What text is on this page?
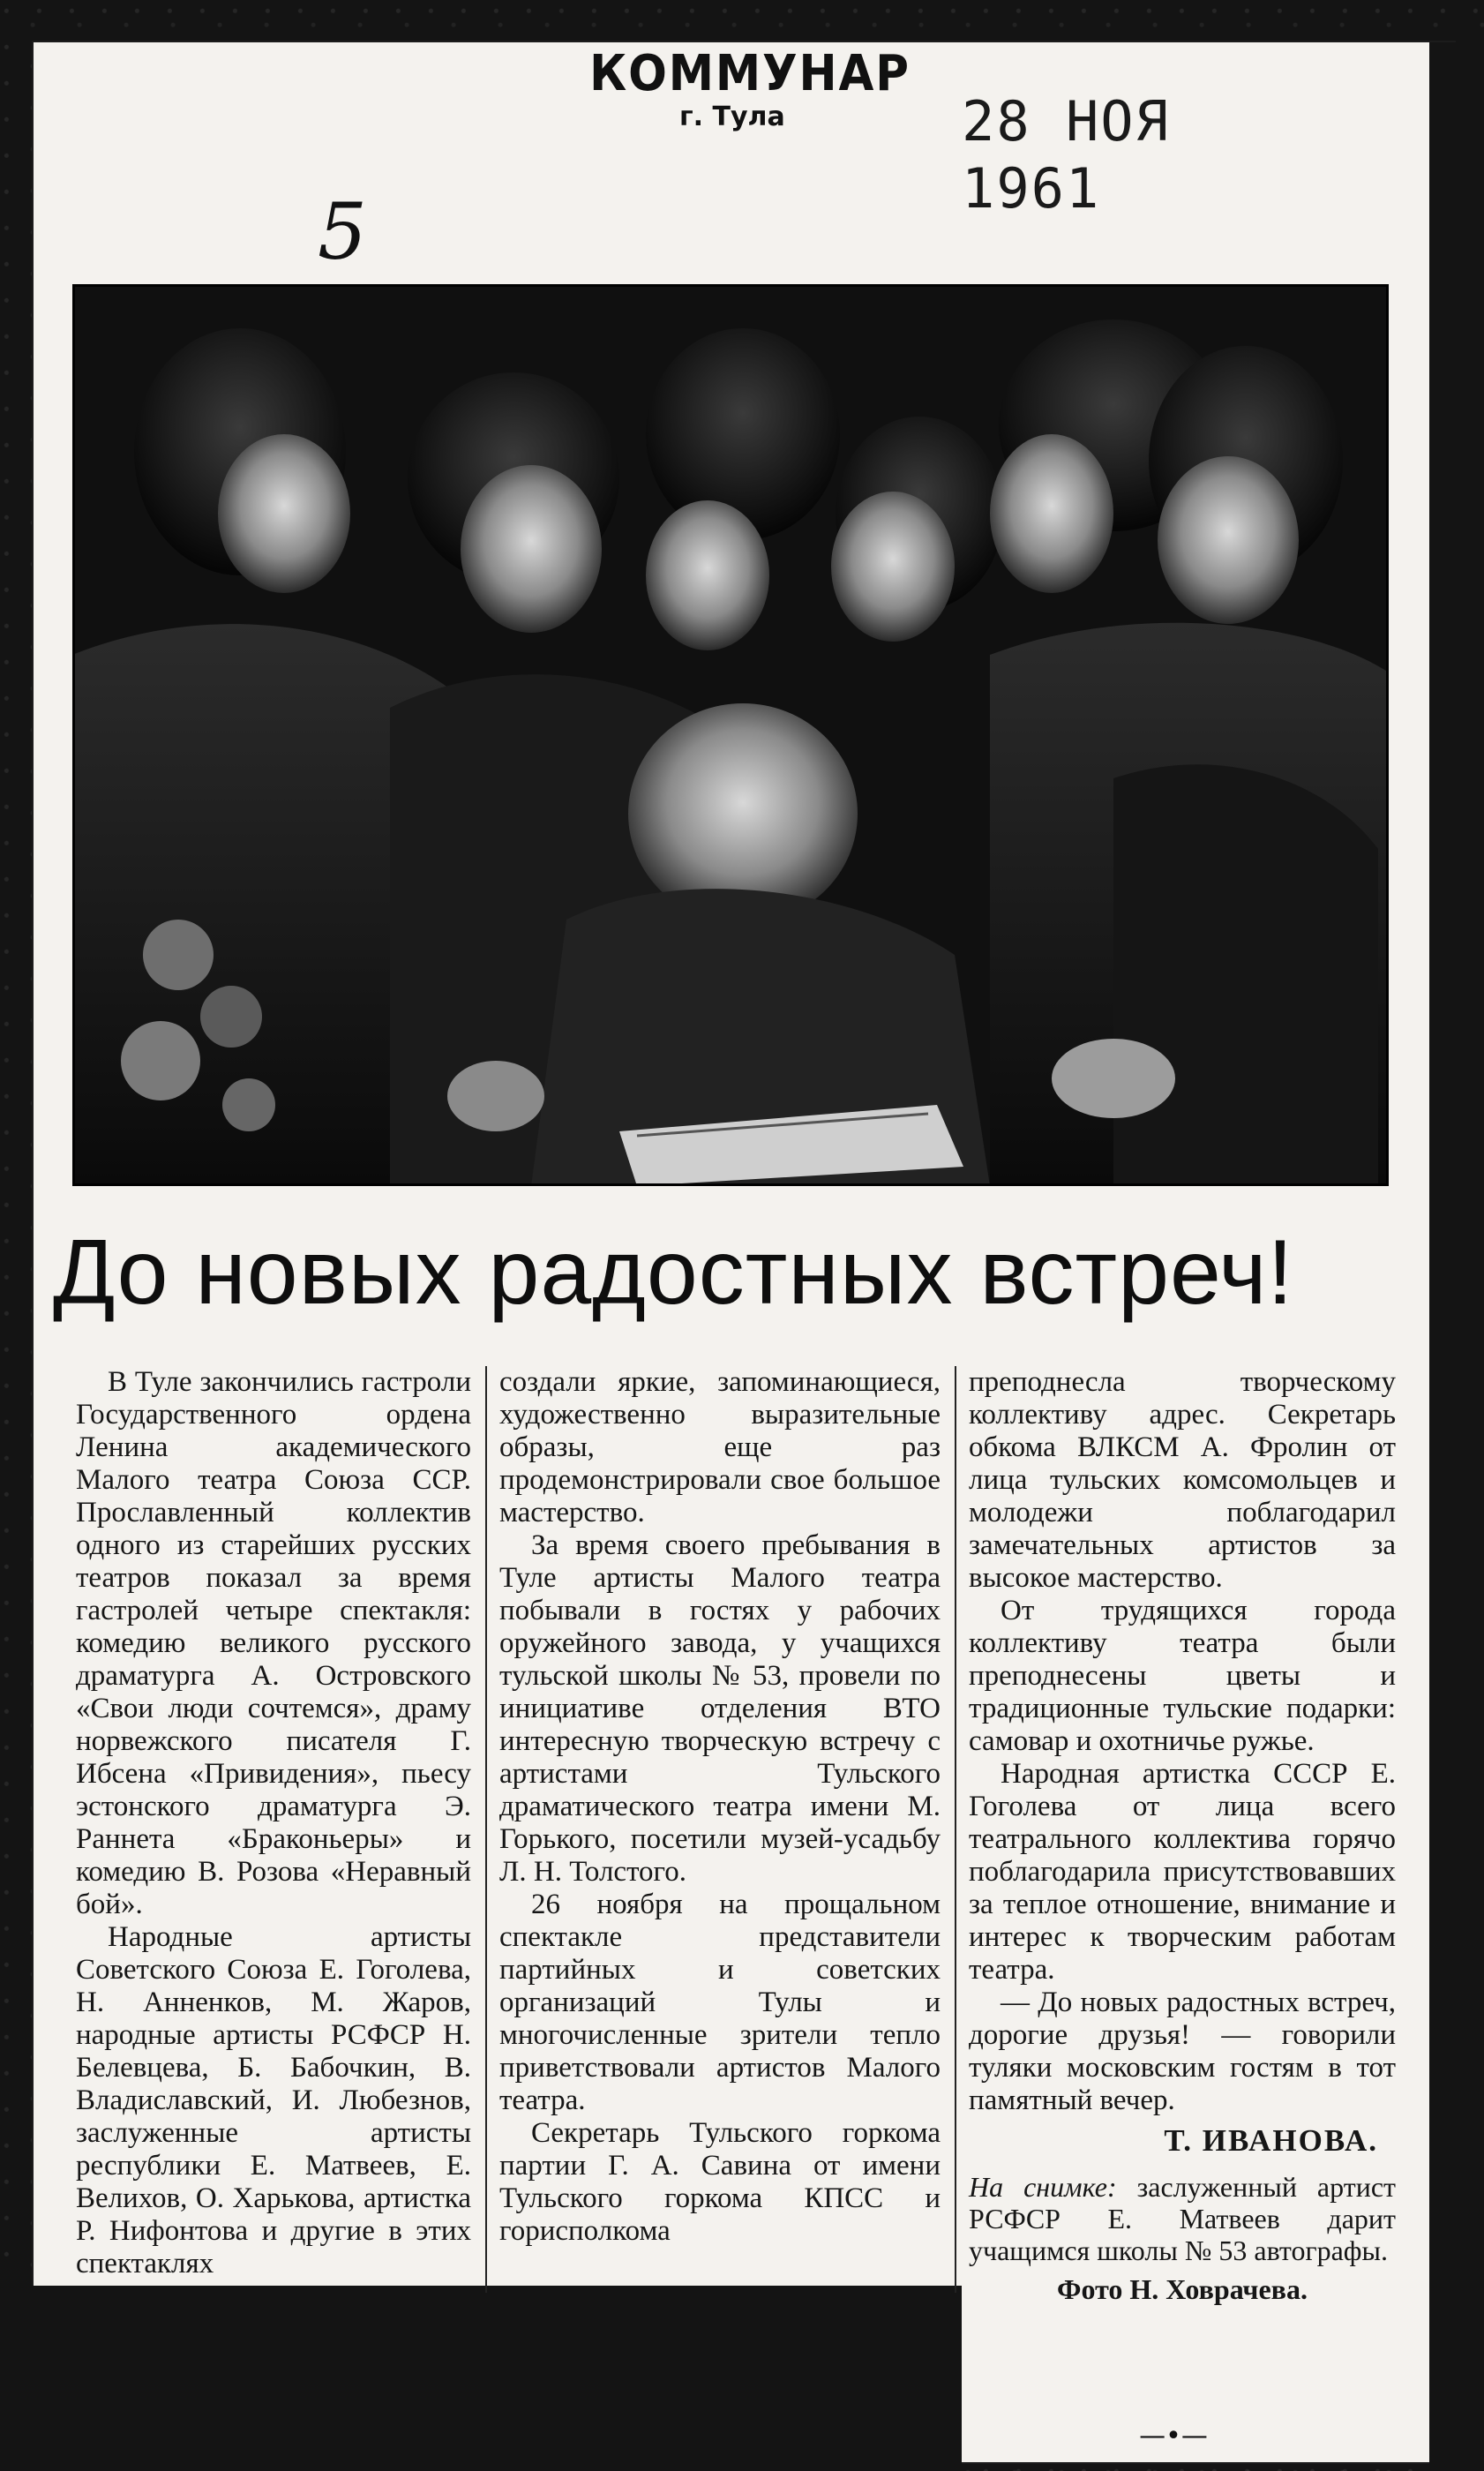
КОММУНАР
г. Тула	28 НОЯ 1961
5
До новых радостных встреч!

В Туле закончились гастроли Государственного ордена Ленина академического Малого театра Союза ССР. Прославленный коллектив одного из старейших русских театров показал за время гастролей четыре спектакля: комедию великого русского драматурга А. Островского «Свои люди сочтемся», драму норвежского писателя Г. Ибсена «Привидения», пьесу эстонского драматурга Э. Раннета «Браконьеры» и комедию В. Розова «Неравный бой».

Народные артисты Советского Союза Е. Гоголева, Н. Анненков, М. Жаров, народные артисты РСФСР Н. Белевцева, Б. Бабочкин, В. Владиславский, И. Любезнов, заслуженные артисты республики Е. Матвеев, Е. Велихов, О. Харькова, артистка Р. Нифонтова и другие в этих спектаклях

создали яркие, запоминающиеся, художественно выразительные образы, еще раз продемонстрировали свое большое мастерство.

За время своего пребывания в Туле артисты Малого театра побывали в гостях у рабочих оружейного завода, у учащихся тульской школы № 53, провели по инициативе отделения ВТО интересную творческую встречу с артистами Тульского драматического театра имени М. Горького, посетили музей-усадьбу Л. Н. Толстого.

26 ноября на прощальном спектакле представители партийных и советских организаций Тулы и многочисленные зрители тепло приветствовали артистов Малого театра.

Секретарь Тульского горкома партии Г. А. Савина от имени Тульского горкома КПСС и горисполкома

преподнесла творческому коллективу адрес. Секретарь обкома ВЛКСМ А. Фролин от лица тульских комсомольцев и молодежи поблагодарил замечательных артистов за высокое мастерство.

От трудящихся города коллективу театра были преподнесены цветы и традиционные тульские подарки: самовар и охотничье ружье.

Народная артистка СССР Е. Гоголева от лица всего театрального коллектива горячо поблагодарила присутствовавших за теплое отношение, внимание и интерес к творческим работам театра.

— До новых радостных встреч, дорогие друзья! — говорили туляки московским гостям в тот памятный вечер.

Т. ИВАНОВА.
На снимке: заслуженный артист РСФСР Е. Матвеев дарит учащимся школы № 53 автографы.
Фото Н. Ховрачева.
—•—
